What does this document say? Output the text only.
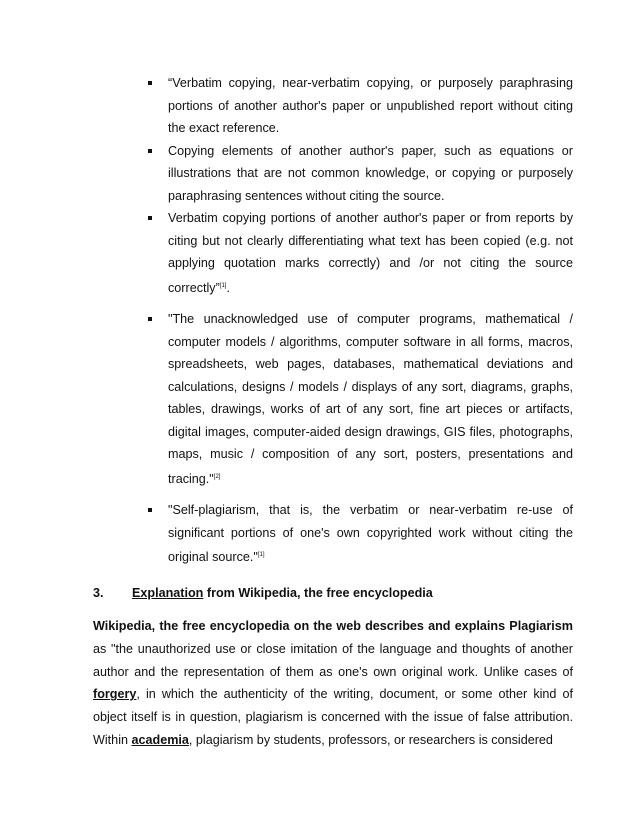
“Verbatim copying, near-verbatim copying, or purposely paraphrasing portions of another author's paper or unpublished report without citing the exact reference.
Copying elements of another author's paper, such as equations or illustrations that are not common knowledge, or copying or purposely paraphrasing sentences without citing the source.
Verbatim copying portions of another author's paper or from reports by citing but not clearly differentiating what text has been copied (e.g. not applying quotation marks correctly) and /or not citing the source correctly”[1].
"The unacknowledged use of computer programs, mathematical / computer models / algorithms, computer software in all forms, macros, spreadsheets, web pages, databases, mathematical deviations and calculations, designs / models / displays of any sort, diagrams, graphs, tables, drawings, works of art of any sort, fine art pieces or artifacts, digital images, computer-aided design drawings, GIS files, photographs, maps, music / composition of any sort, posters, presentations and tracing."[2]
"Self-plagiarism, that is, the verbatim or near-verbatim re-use of significant portions of one's own copyrighted work without citing the original source."[1]
3. Explanation from Wikipedia, the free encyclopedia
Wikipedia, the free encyclopedia on the web describes and explains Plagiarism as "the unauthorized use or close imitation of the language and thoughts of another author and the representation of them as one's own original work. Unlike cases of forgery, in which the authenticity of the writing, document, or some other kind of object itself is in question, plagiarism is concerned with the issue of false attribution. Within academia, plagiarism by students, professors, or researchers is considered
